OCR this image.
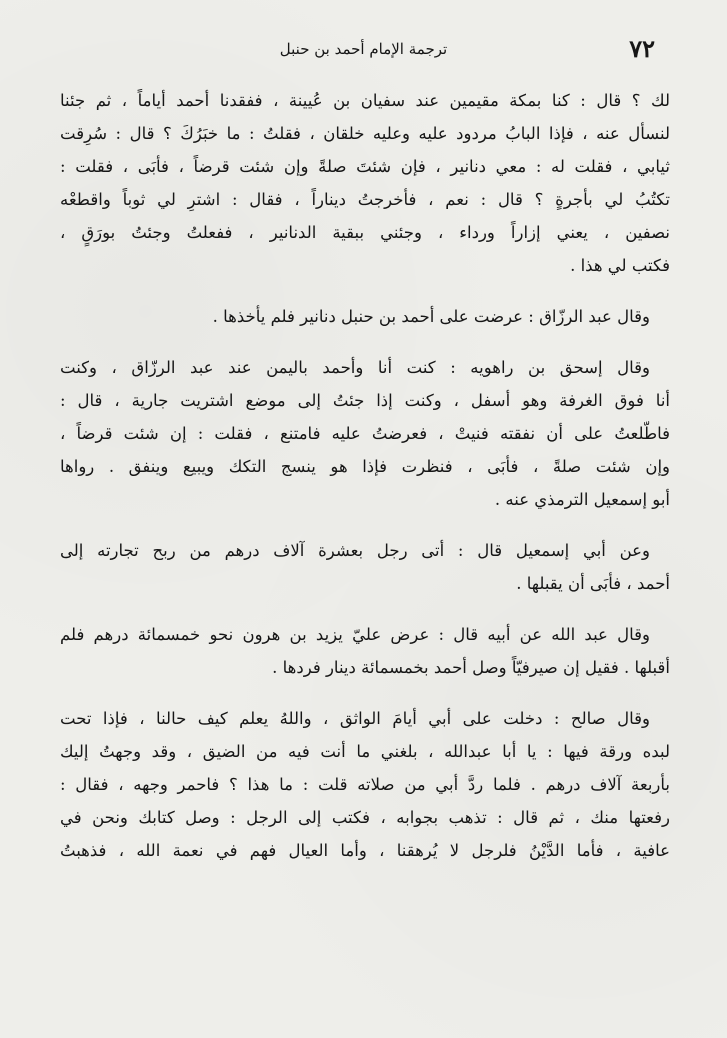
٧٢
ترجمة الإمام أحمد بن حنبل
لك ؟ قال : كنا بمكة مقيمين عند سفيان بن عُيينة ، ففقدنا أحمد أياماً ، ثم جئنا
لنسأل عنه ، فإذا البابُ مردود عليه وعليه خلقان ، فقلتُ : ما خبَرُكَ ؟ قال : سُرِقت
ثيابي ، فقلت له : معي دنانير ، فإن شئتَ صلةً وإن شئت قرضاً ، فأبَى ، فقلت :
تكتُبُ لي بأجرةٍ ؟ قال : نعم ، فأخرجتُ ديناراً ، فقال : اشترِ لي ثوباً واقطعْه
نصفين ، يعني إزاراً ورداء ، وجئني ببقية الدنانير ، ففعلتُ وجئتُ بورَقٍ ،
فكتب لي هذا .
وقال عبد الرزّاق : عرضت على أحمد بن حنبل دنانير فلم يأخذها .
وقال إسحق بن راهويه : كنت أنا وأحمد باليمن عند عبد الرزّاق ، وكنت
أنا فوق الغرفة وهو أسفل ، وكنت إذا جئتُ إلى موضع اشتريت جارية ، قال :
فاطّلعتُ على أن نفقته فنيتْ ، فعرضتُ عليه فامتنع ، فقلت : إن شئت قرضاً ،
وإن شئت صلةً ، فأبَى ، فنظرت فإذا هو ينسج التكك ويبيع وينفق . رواها
أبو إسمعيل الترمذي عنه .
وعن أبي إسمعيل قال : أتى رجل بعشرة آلاف درهم من ربح تجارته إلى
أحمد ، فأبَى أن يقبلها .
وقال عبد الله عن أبيه قال : عرض عليّ يزيد بن هرون نحو خمسمائة درهم فلم
أقبلها . فقيل إن صيرفيّاً وصل أحمد بخمسمائة دينار فردها .
وقال صالح : دخلت على أبي أيامَ الواثق ، واللهُ يعلم كيف حالنا ، فإذا تحت
لبده ورقة فيها : يا أبا عبدالله ، بلغني ما أنت فيه من الضيق ، وقد وجهتُ إليك
بأربعة آلاف درهم . فلما ردَّ أبي من صلاته قلت : ما هذا ؟ فاحمر وجهه ، فقال :
رفعتها منك ، ثم قال : تذهب بجوابه ، فكتب إلى الرجل : وصل كتابك ونحن في
عافية ، فأما الدَّيْنُ فلرجل لا يُرهقنا ، وأما العيال فهم في نعمة الله ، فذهبتُ
